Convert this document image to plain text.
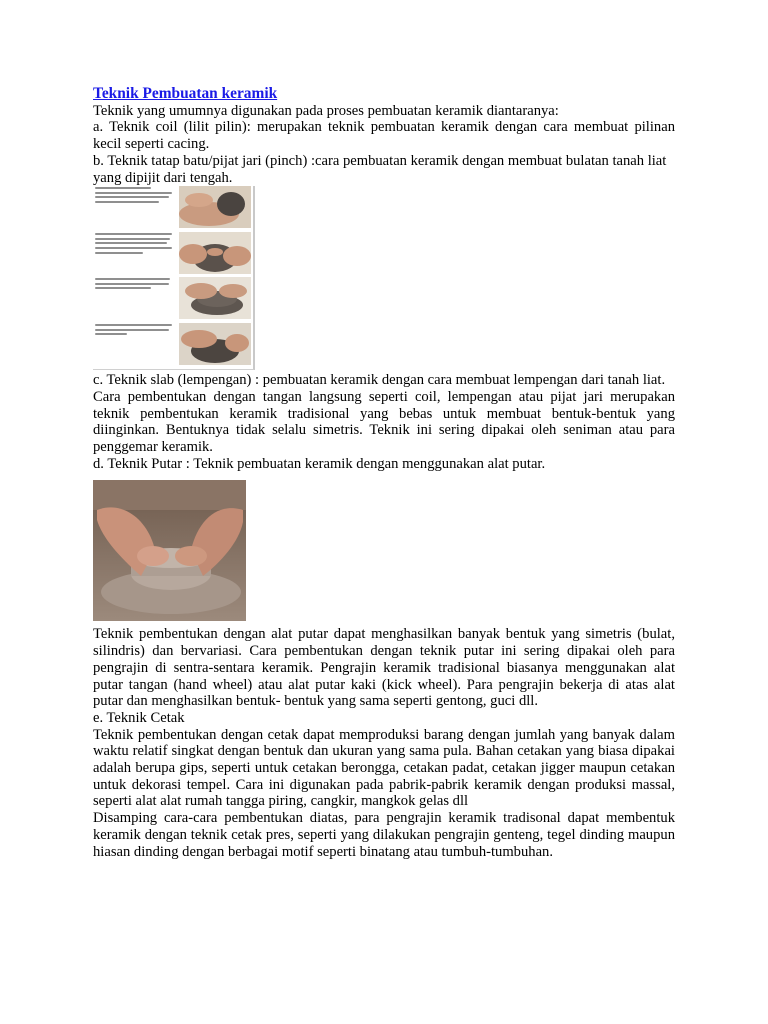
Teknik Pembuatan keramik

Teknik yang umumnya digunakan pada proses pembuatan keramik diantaranya:

a. Teknik coil (lilit pilin): merupakan teknik pembuatan keramik dengan cara membuat pilinan kecil seperti cacing.

b. Teknik tatap batu/pijat jari (pinch) :cara pembuatan keramik dengan membuat bulatan tanah liat yang dipijit dari tengah.

c. Teknik slab (lempengan) : pembuatan keramik dengan cara membuat lempengan dari tanah liat.

Cara pembentukan dengan tangan langsung seperti coil, lempengan atau pijat jari merupakan teknik pembentukan keramik tradisional yang bebas untuk membuat bentuk-bentuk yang diinginkan. Bentuknya tidak selalu simetris. Teknik ini sering dipakai oleh seniman atau para penggemar keramik.

d. Teknik Putar : Teknik pembuatan keramik dengan menggunakan alat putar.

Teknik pembentukan dengan alat putar dapat menghasilkan banyak bentuk yang simetris (bulat, silindris) dan bervariasi. Cara pembentukan dengan teknik putar ini sering dipakai oleh para pengrajin di sentra-sentara keramik. Pengrajin keramik tradisional biasanya menggunakan alat putar tangan (hand wheel) atau alat putar kaki (kick wheel). Para pengrajin bekerja di atas alat putar dan menghasilkan bentuk- bentuk yang sama seperti gentong, guci dll.

e. Teknik Cetak

Teknik pembentukan dengan cetak dapat memproduksi barang dengan jumlah yang banyak dalam waktu relatif singkat dengan bentuk dan ukuran yang sama pula. Bahan cetakan yang biasa dipakai adalah berupa gips, seperti untuk cetakan berongga, cetakan padat, cetakan jigger maupun cetakan untuk dekorasi tempel. Cara ini digunakan pada pabrik-pabrik keramik dengan produksi massal, seperti alat alat rumah tangga piring, cangkir, mangkok gelas dll

Disamping cara-cara pembentukan diatas, para pengrajin keramik tradisonal dapat membentuk keramik dengan teknik cetak pres, seperti yang dilakukan pengrajin genteng, tegel dinding maupun hiasan dinding dengan berbagai motif seperti binatang atau tumbuh-tumbuhan.
